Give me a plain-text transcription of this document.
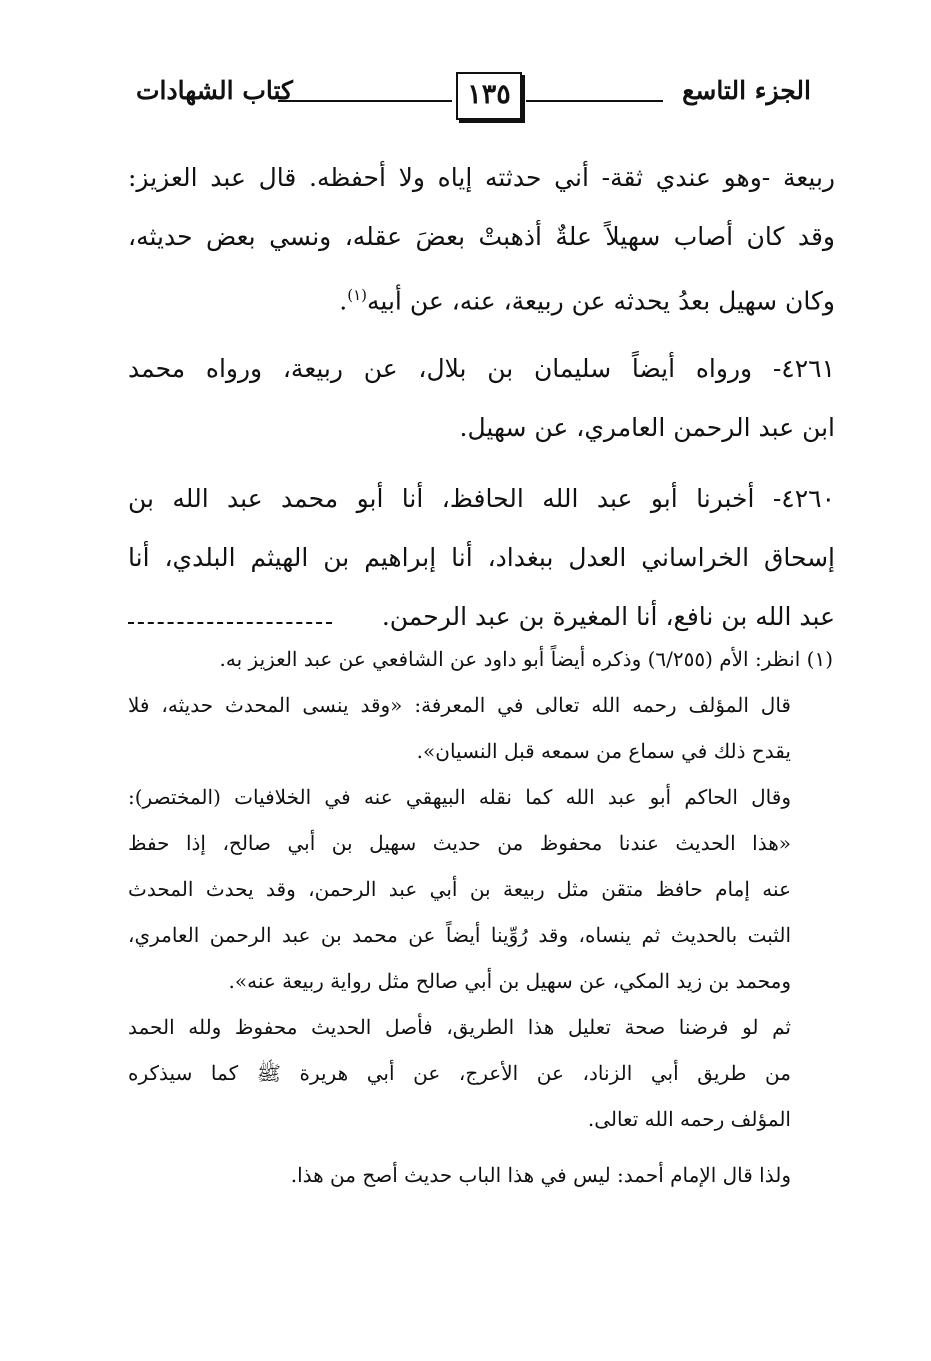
الجزء التاسع
١٣٥
كتاب الشهادات
ربيعة -وهو عندي ثقة- أني حدثته إياه ولا أحفظه. قال عبد العزيز:
وقد كان أصاب سهيلاً علةٌ أذهبتْ بعضَ عقله، ونسي بعض حديثه،
وكان سهيل بعدُ يحدثه عن ربيعة، عنه، عن أبيه$^{(١)}$.
٤٢٦١- ورواه أيضاً سليمان بن بلال، عن ربيعة، ورواه محمد
ابن عبد الرحمن العامري، عن سهيل.
٤٢٦٠- أخبرنا أبو عبد الله الحافظ، أنا أبو محمد عبد الله بن
إسحاق الخراساني العدل ببغداد، أنا إبراهيم بن الهيثم البلدي، أنا
عبد الله بن نافع، أنا المغيرة بن عبد الرحمن.
(١) انظر: الأم (٦/٢٥٥) وذكره أيضاً أبو داود عن الشافعي عن عبد العزيز به.
قال المؤلف رحمه الله تعالى في المعرفة: «وقد ينسى المحدث حديثه، فلا
يقدح ذلك في سماع من سمعه قبل النسيان».
وقال الحاكم أبو عبد الله كما نقله البيهقي عنه في الخلافيات (المختصر):
«هذا الحديث عندنا محفوظ من حديث سهيل بن أبي صالح، إذا حفظ
عنه إمام حافظ متقن مثل ربيعة بن أبي عبد الرحمن، وقد يحدث المحدث
الثبت بالحديث ثم ينساه، وقد رُوِّينا أيضاً عن محمد بن عبد الرحمن العامري،
ومحمد بن زيد المكي، عن سهيل بن أبي صالح مثل رواية ربيعة عنه».
ثم لو فرضنا صحة تعليل هذا الطريق، فأصل الحديث محفوظ ولله الحمد
من طريق أبي الزناد، عن الأعرج، عن أبي هريرة ﷺ كما سيذكره
المؤلف رحمه الله تعالى.
ولذا قال الإمام أحمد: ليس في هذا الباب حديث أصح من هذا.
